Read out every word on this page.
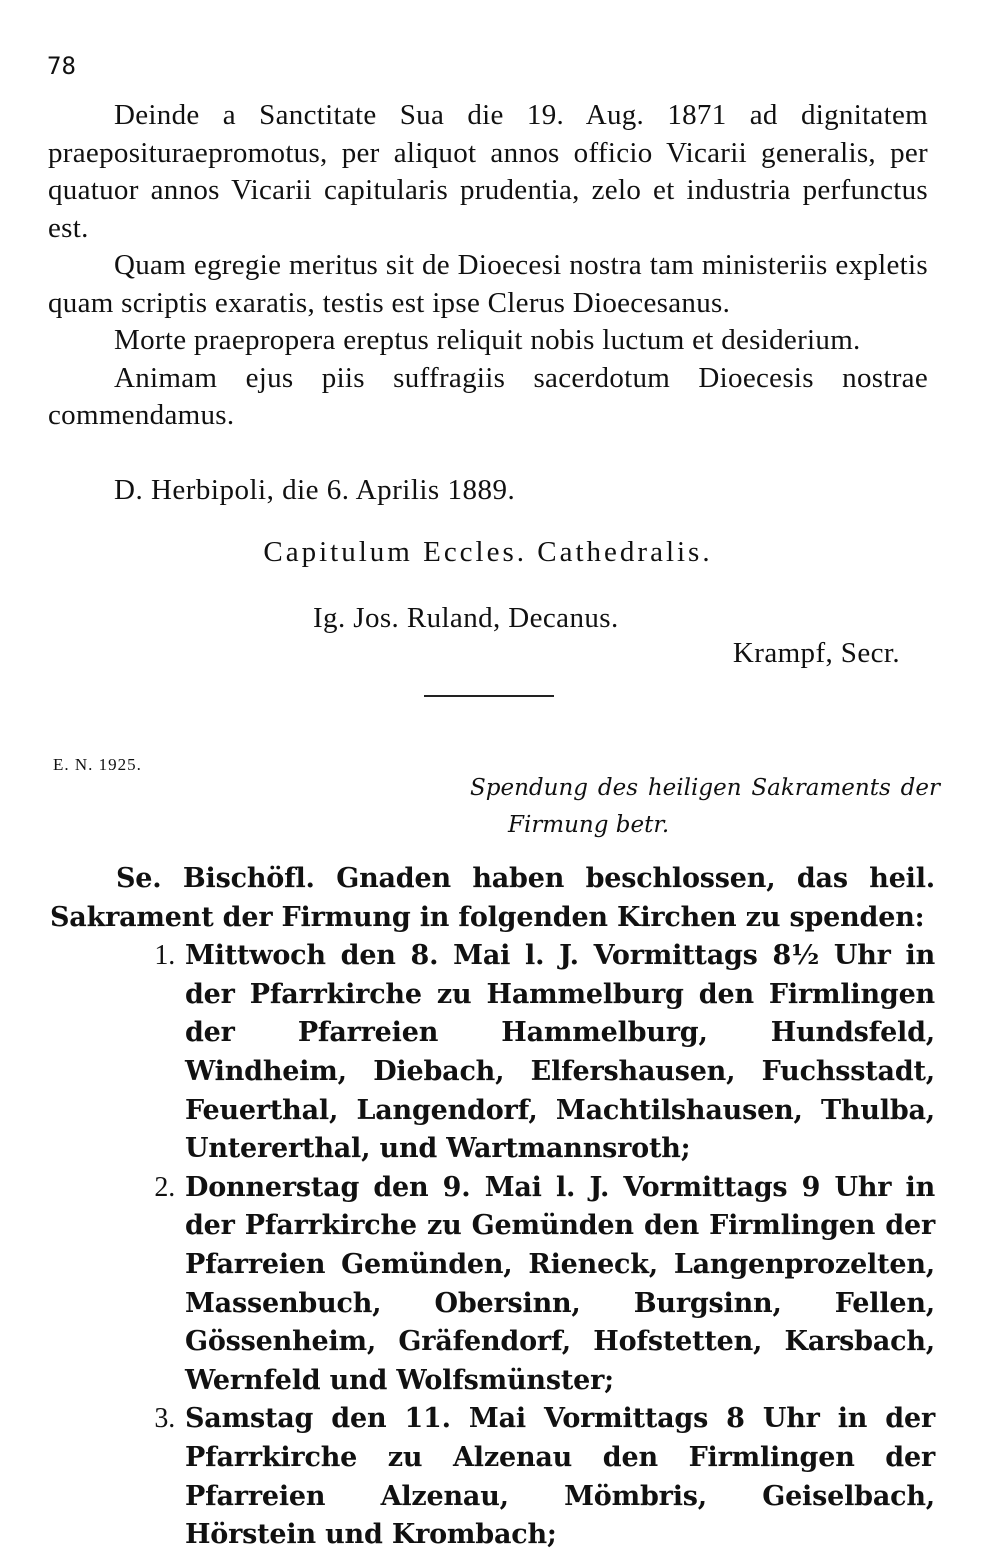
78

Deinde a Sanctitate Sua die 19. Aug. 1871 ad dignitatem praeposituraepromotus, per aliquot annos officio Vicarii generalis, per quatuor annos Vicarii capitularis prudentia, zelo et industria perfunctus est.

Quam egregie meritus sit de Dioecesi nostra tam ministeriis expletis quam scriptis exaratis, testis est ipse Clerus Dioecesanus.

Morte praepropera ereptus reliquit nobis luctum et desiderium.

Animam ejus piis suffragiis sacerdotum Dioecesis nostrae commendamus.

D. Herbipoli, die 6. Aprilis 1889.
Capitulum Eccles. Cathedralis.
Ig. Jos. Ruland, Decanus.
Krampf, Secr.
E. N. 1925.
Spendung des heiligen Sakraments der
Firmung betr.

Se. Bischöfl. Gnaden haben beschlossen, das heil. Sakrament der Firmung in folgenden Kirchen zu spenden:

1. Mittwoch den 8. Mai l. J. Vormittags 8½ Uhr in der Pfarrkirche zu Hammelburg den Firmlingen der Pfarreien Hammelburg, Hundsfeld, Windheim, Diebach, Elfershausen, Fuchsstadt, Feuerthal, Langendorf, Machtilshausen, Thulba, Untererthal, und Wartmannsroth;
2. Donnerstag den 9. Mai l. J. Vormittags 9 Uhr in der Pfarrkirche zu Gemünden den Firmlingen der Pfarreien Gemünden, Rieneck, Langenprozelten, Massenbuch, Obersinn, Burgsinn, Fellen, Gössenheim, Gräfendorf, Hofstetten, Karsbach, Wernfeld und Wolfsmünster;
3. Samstag den 11. Mai Vormittags 8 Uhr in der Pfarrkirche zu Alzenau den Firmlingen der Pfarreien Alzenau, Mömbris, Geiselbach, Hörstein und Krombach;
